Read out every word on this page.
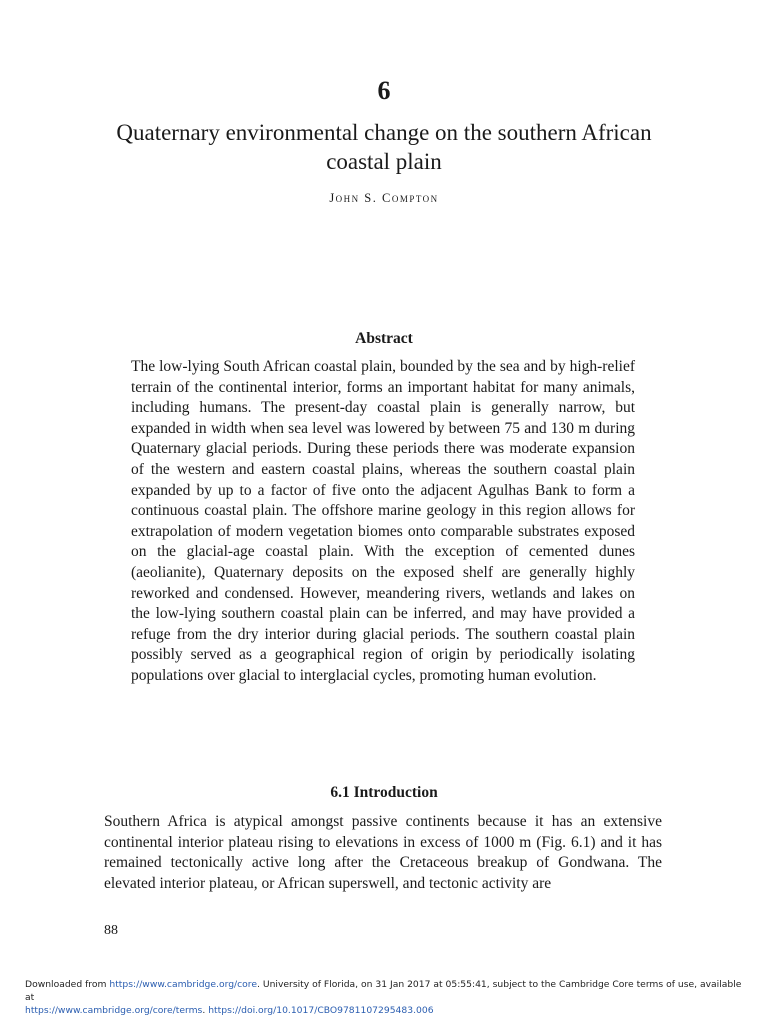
6
Quaternary environmental change on the southern African coastal plain
John S. Compton
Abstract
The low-lying South African coastal plain, bounded by the sea and by high-relief terrain of the continental interior, forms an important habitat for many animals, including humans. The present-day coastal plain is generally narrow, but expanded in width when sea level was lowered by between 75 and 130 m during Quaternary glacial periods. During these periods there was moderate expansion of the western and eastern coastal plains, whereas the southern coastal plain expanded by up to a factor of five onto the adjacent Agulhas Bank to form a continuous coastal plain. The offshore marine geology in this region allows for extrapolation of modern vegetation biomes onto comparable substrates exposed on the glacial-age coastal plain. With the exception of cemented dunes (aeolianite), Quaternary deposits on the exposed shelf are generally highly reworked and condensed. However, meandering rivers, wetlands and lakes on the low-lying southern coastal plain can be inferred, and may have provided a refuge from the dry interior during glacial periods. The southern coastal plain possibly served as a geographical region of origin by periodically isolating populations over glacial to interglacial cycles, promoting human evolution.
6.1 Introduction
Southern Africa is atypical amongst passive continents because it has an extensive continental interior plateau rising to elevations in excess of 1000 m (Fig. 6.1) and it has remained tectonically active long after the Cretaceous breakup of Gondwana. The elevated interior plateau, or African superswell, and tectonic activity are
88
Downloaded from https://www.cambridge.org/core. University of Florida, on 31 Jan 2017 at 05:55:41, subject to the Cambridge Core terms of use, available at
https://www.cambridge.org/core/terms. https://doi.org/10.1017/CBO9781107295483.006
